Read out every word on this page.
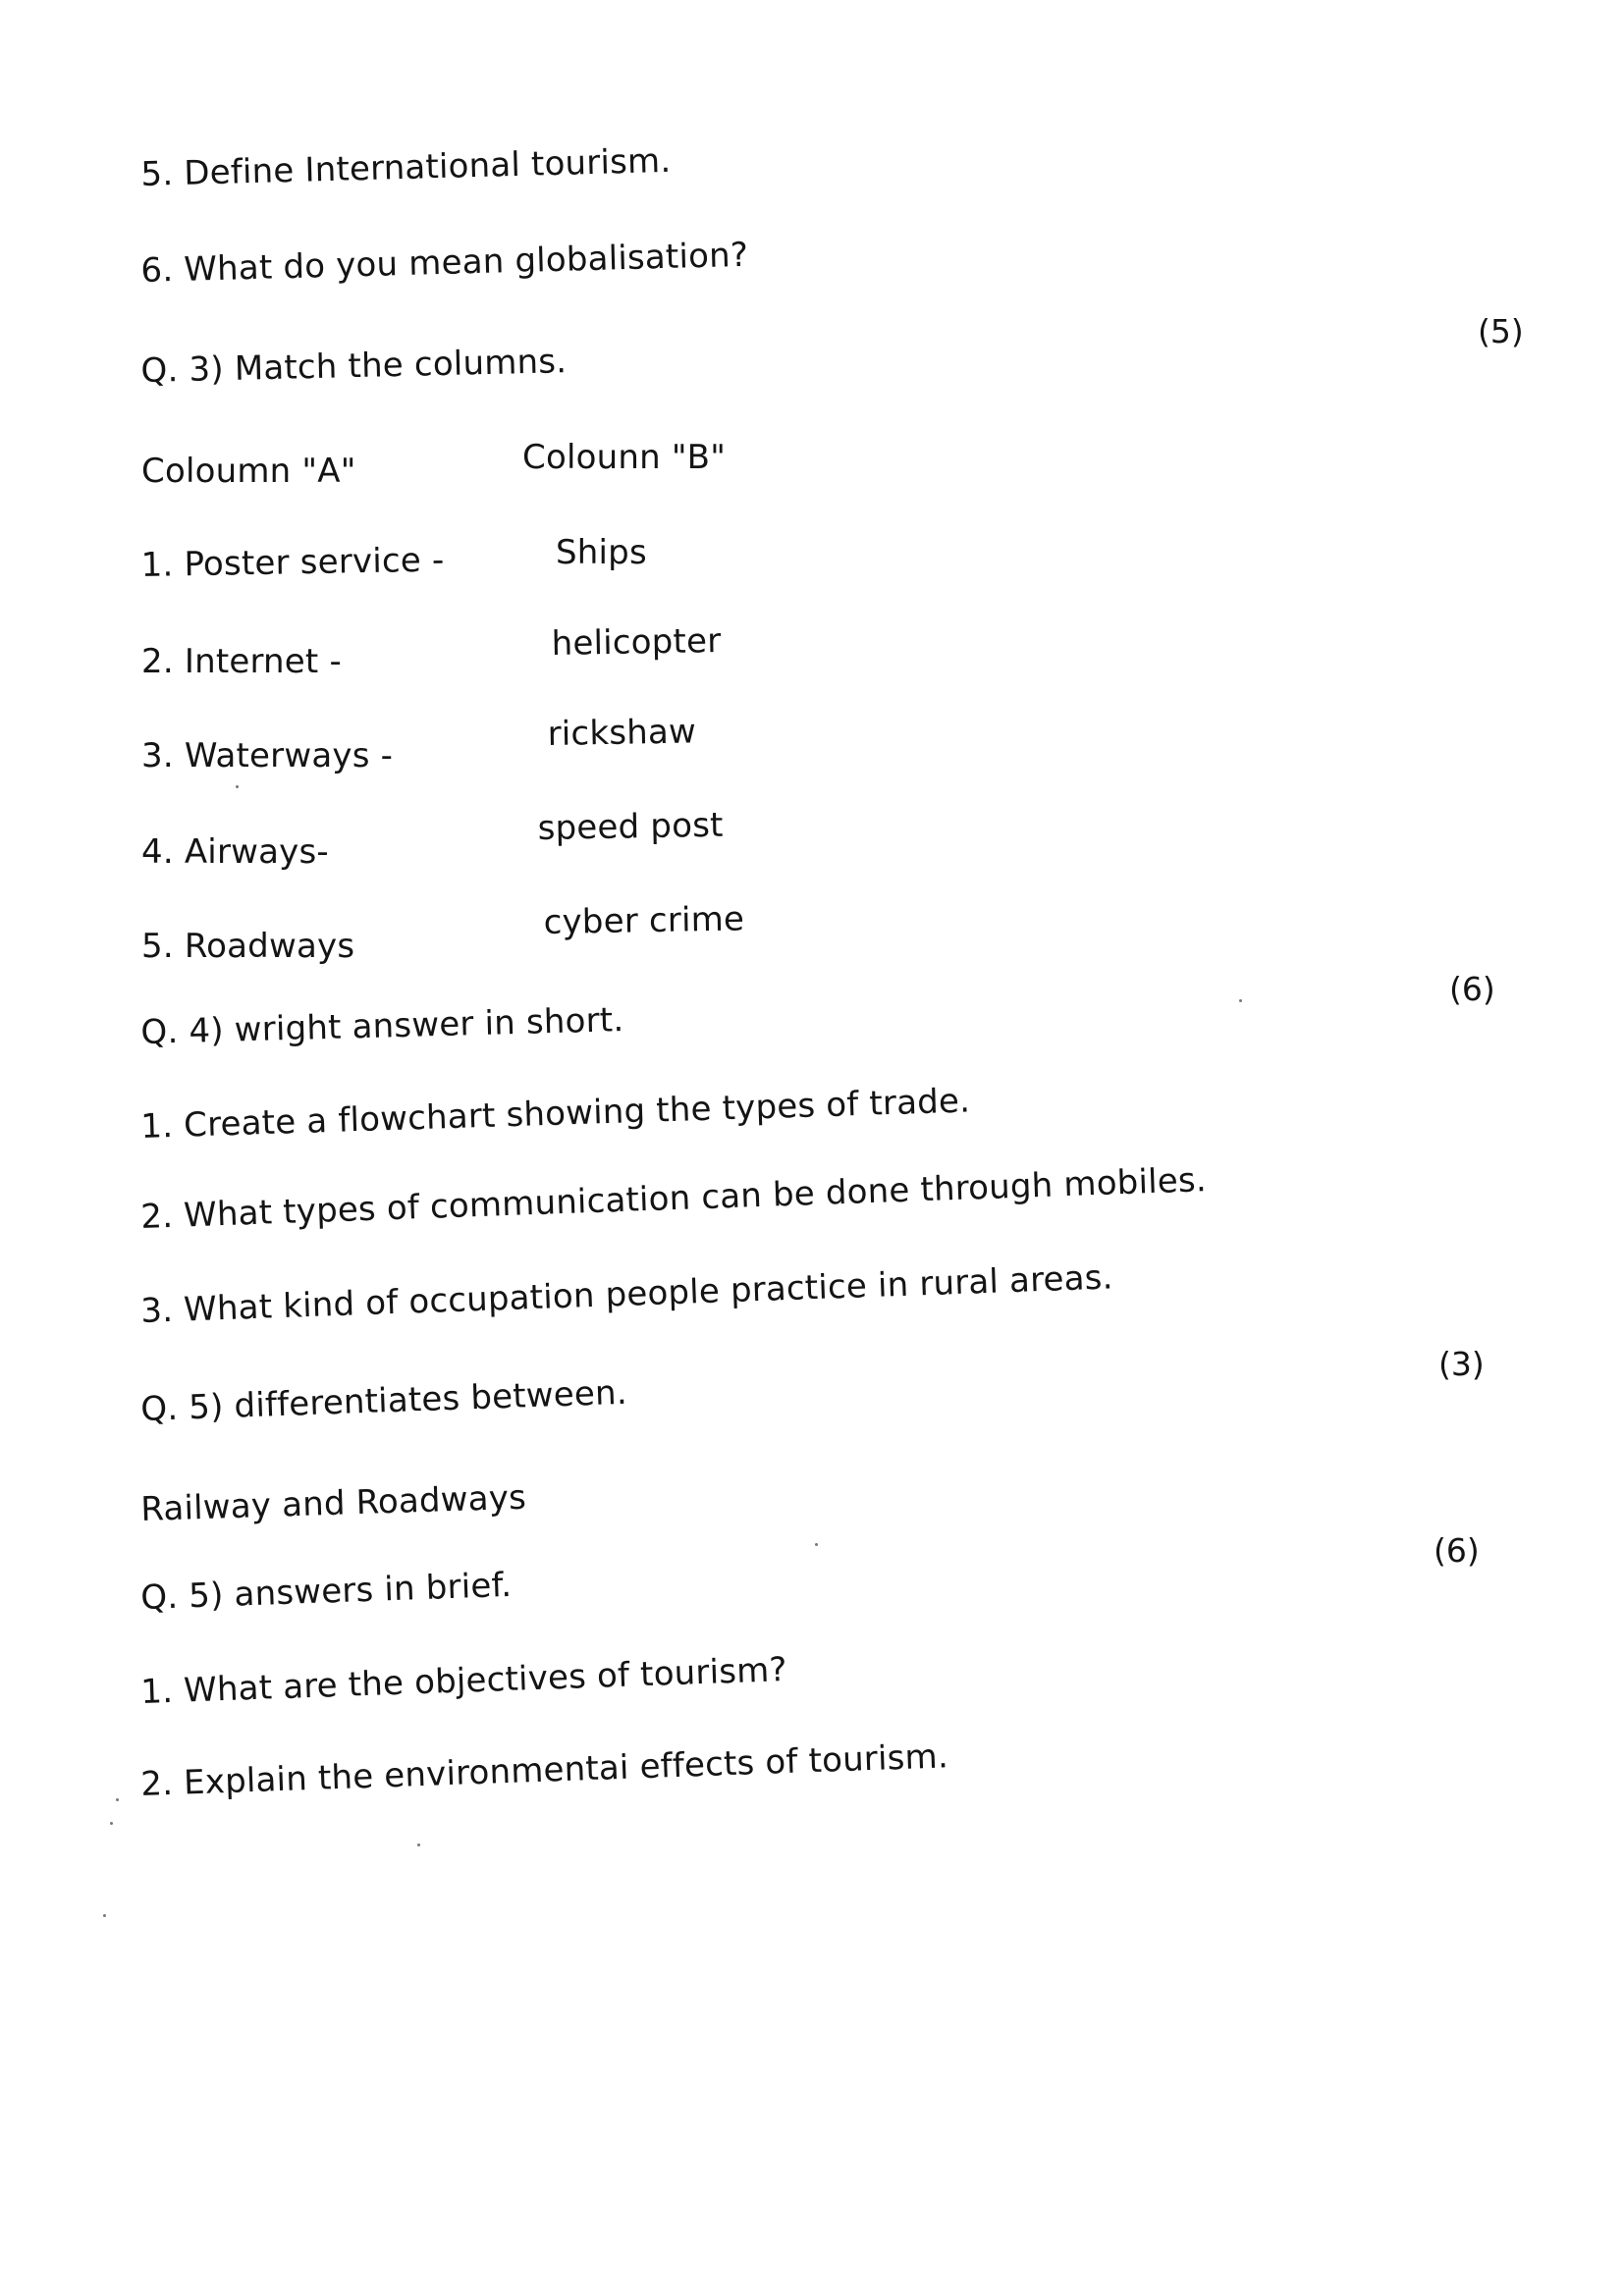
5. Define International tourism.
6. What do you mean globalisation?
(5)
Q. 3) Match the columns.
Coloumn "A"	Colounn "B"
1. Poster service -
2. Internet -
3. Waterways -
4. Airways-
5. Roadways
Ships
helicopter
rickshaw
speed post
cyber crime
(6)
Q. 4) wright answer in short.
1. Create a flowchart showing the types of trade.
2. What types of communication can be done through mobiles.
3. What kind of occupation people practice in rural areas.
(3)
Q. 5) differentiates between.
Railway and Roadways
(6)
Q. 5) answers in brief.
1. What are the objectives of tourism?
2. Explain the environmentai effects of tourism.
